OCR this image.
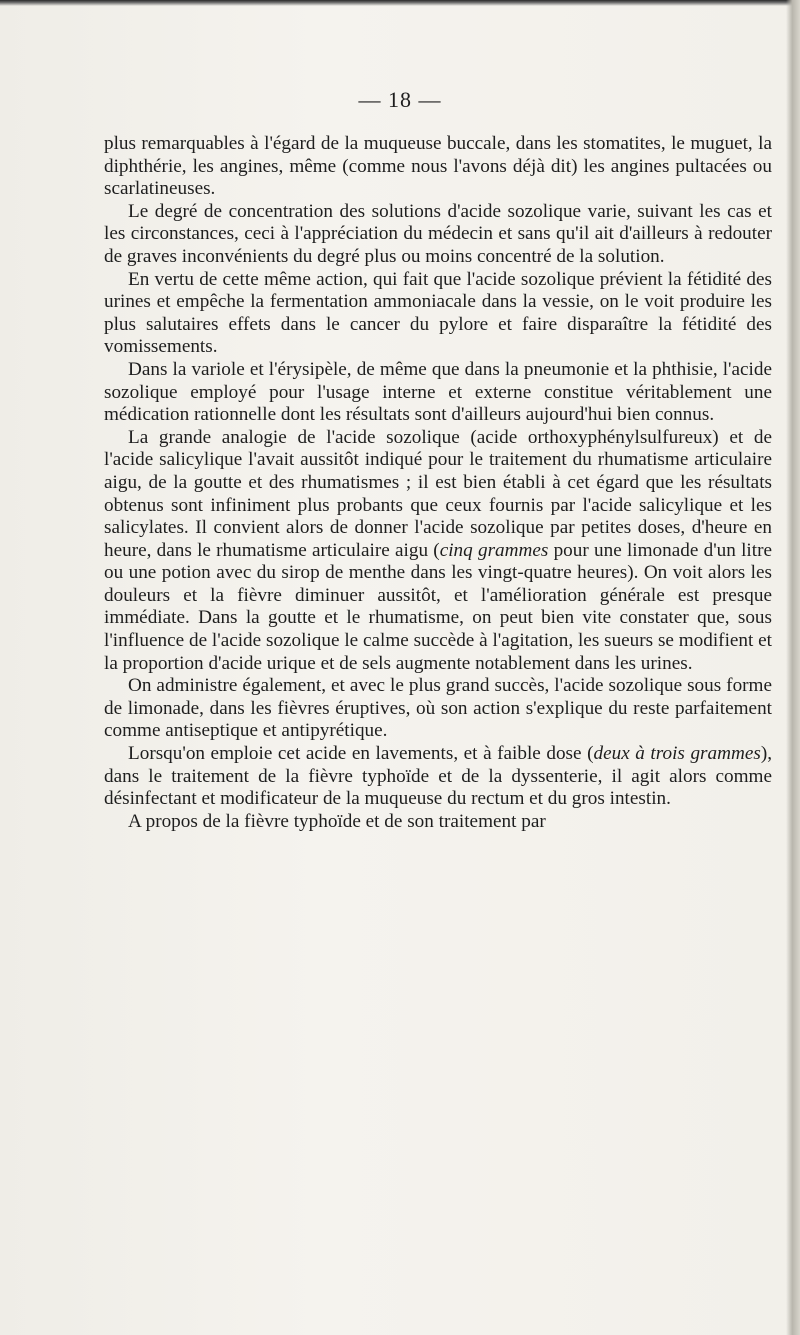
— 18 —

plus remarquables à l'égard de la muqueuse buccale, dans les stomatites, le muguet, la diphthérie, les angines, même (comme nous l'avons déjà dit) les angines pultacées ou scarlatineuses.

Le degré de concentration des solutions d'acide sozolique varie, suivant les cas et les circonstances, ceci à l'appréciation du médecin et sans qu'il ait d'ailleurs à redouter de graves inconvénients du degré plus ou moins concentré de la solution.

En vertu de cette même action, qui fait que l'acide sozolique prévient la fétidité des urines et empêche la fermentation ammoniacale dans la vessie, on le voit produire les plus salutaires effets dans le cancer du pylore et faire disparaître la fétidité des vomissements.

Dans la variole et l'érysipèle, de même que dans la pneumonie et la phthisie, l'acide sozolique employé pour l'usage interne et externe constitue véritablement une médication rationnelle dont les résultats sont d'ailleurs aujourd'hui bien connus.

La grande analogie de l'acide sozolique (acide orthoxyphénylsulfureux) et de l'acide salicylique l'avait aussitôt indiqué pour le traitement du rhumatisme articulaire aigu, de la goutte et des rhumatismes ; il est bien établi à cet égard que les résultats obtenus sont infiniment plus probants que ceux fournis par l'acide salicylique et les salicylates. Il convient alors de donner l'acide sozolique par petites doses, d'heure en heure, dans le rhumatisme articulaire aigu (cinq grammes pour une limonade d'un litre ou une potion avec du sirop de menthe dans les vingt-quatre heures). On voit alors les douleurs et la fièvre diminuer aussitôt, et l'amélioration générale est presque immédiate. Dans la goutte et le rhumatisme, on peut bien vite constater que, sous l'influence de l'acide sozolique le calme succède à l'agitation, les sueurs se modifient et la proportion d'acide urique et de sels augmente notablement dans les urines.

On administre également, et avec le plus grand succès, l'acide sozolique sous forme de limonade, dans les fièvres éruptives, où son action s'explique du reste parfaitement comme antiseptique et antipyrétique.

Lorsqu'on emploie cet acide en lavements, et à faible dose (deux à trois grammes), dans le traitement de la fièvre typhoïde et de la dyssenterie, il agit alors comme désinfectant et modificateur de la muqueuse du rectum et du gros intestin.

A propos de la fièvre typhoïde et de son traitement par
